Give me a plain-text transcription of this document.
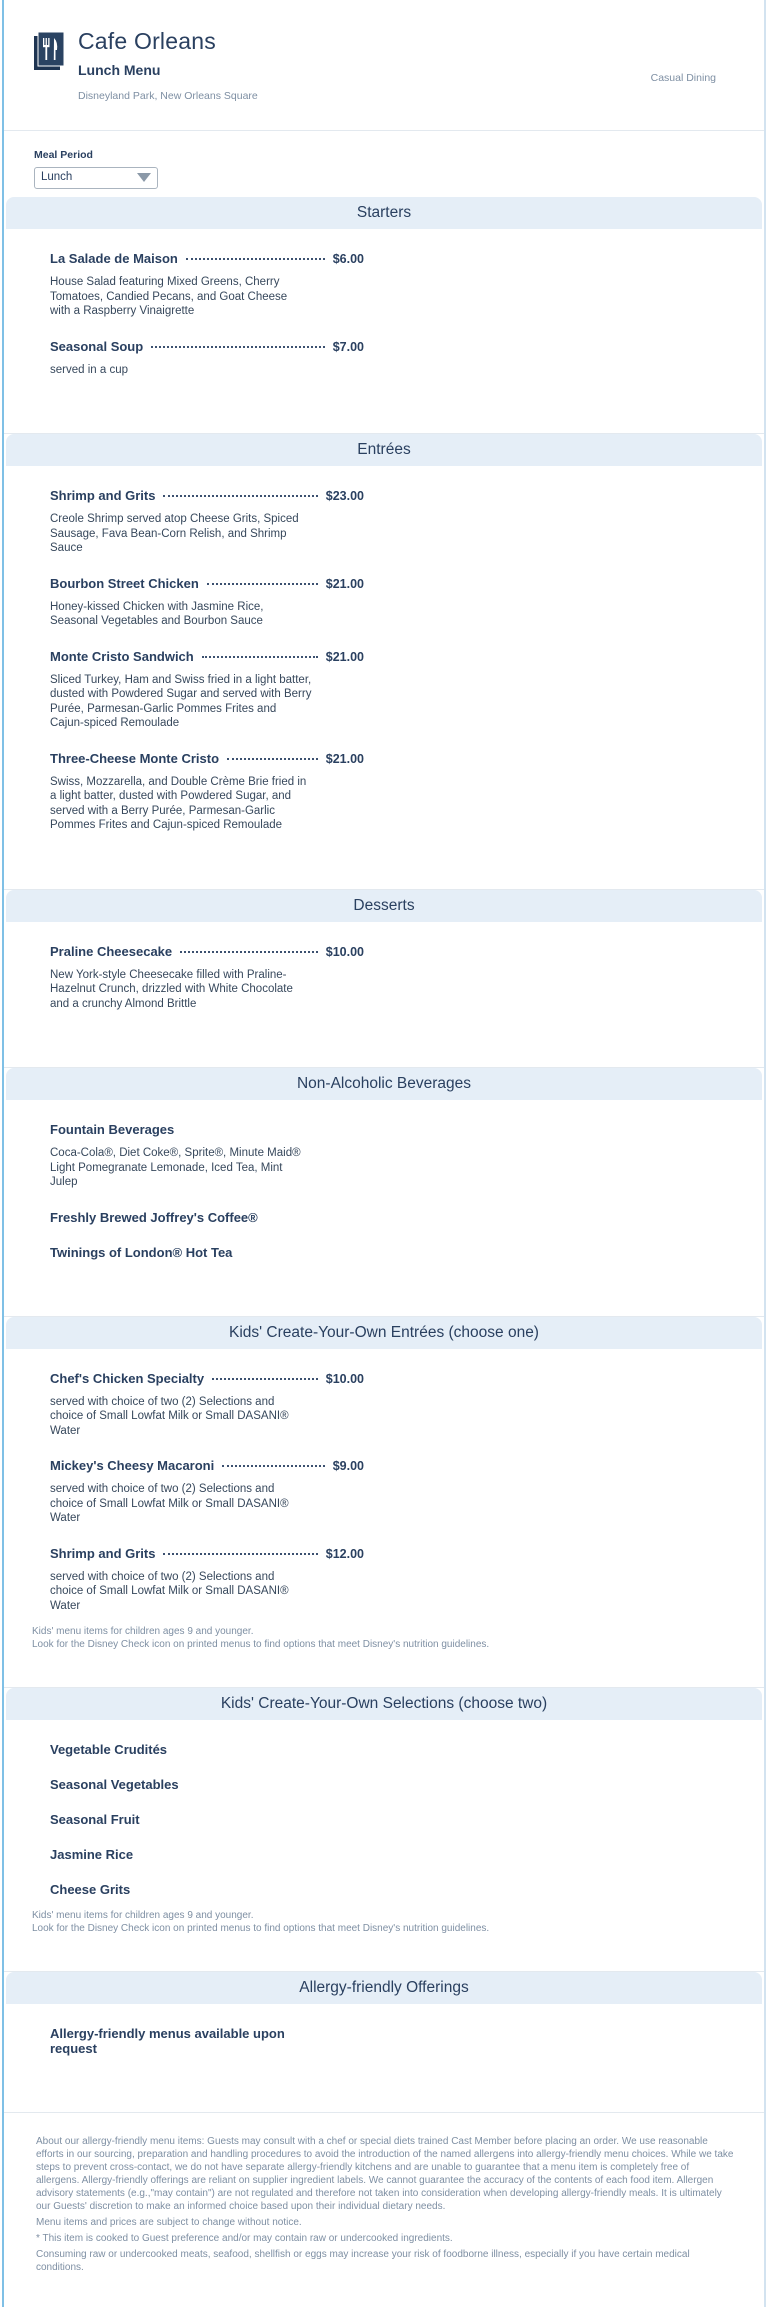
Cafe Orleans
Lunch Menu
Disneyland Park, New Orleans Square
Casual Dining
Meal Period
Lunch
Starters
La Salade de Maison	$6.00
House Salad featuring Mixed Greens, Cherry Tomatoes, Candied Pecans, and Goat Cheese with a Raspberry Vinaigrette
Seasonal Soup	$7.00
served in a cup
Entrées
Shrimp and Grits	$23.00
Creole Shrimp served atop Cheese Grits, Spiced Sausage, Fava Bean-Corn Relish, and Shrimp Sauce
Bourbon Street Chicken	$21.00
Honey-kissed Chicken with Jasmine Rice, Seasonal Vegetables and Bourbon Sauce
Monte Cristo Sandwich	$21.00
Sliced Turkey, Ham and Swiss fried in a light batter, dusted with Powdered Sugar and served with Berry Purée, Parmesan-Garlic Pommes Frites and Cajun-spiced Remoulade
Three-Cheese Monte Cristo	$21.00
Swiss, Mozzarella, and Double Crème Brie fried in a light batter, dusted with Powdered Sugar, and served with a Berry Purée, Parmesan-Garlic Pommes Frites and Cajun-spiced Remoulade
Desserts
Praline Cheesecake	$10.00
New York-style Cheesecake filled with Praline-Hazelnut Crunch, drizzled with White Chocolate and a crunchy Almond Brittle
Non-Alcoholic Beverages
Fountain Beverages
Coca-Cola®, Diet Coke®, Sprite®, Minute Maid® Light Pomegranate Lemonade, Iced Tea, Mint Julep
Freshly Brewed Joffrey's Coffee®
Twinings of London® Hot Tea
Kids' Create-Your-Own Entrées (choose one)
Chef's Chicken Specialty	$10.00
served with choice of two (2) Selections and choice of Small Lowfat Milk or Small DASANI® Water
Mickey's Cheesy Macaroni	$9.00
served with choice of two (2) Selections and choice of Small Lowfat Milk or Small DASANI® Water
Shrimp and Grits	$12.00
served with choice of two (2) Selections and choice of Small Lowfat Milk or Small DASANI® Water
Kids' menu items for children ages 9 and younger.
Look for the Disney Check icon on printed menus to find options that meet Disney's nutrition guidelines.
Kids' Create-Your-Own Selections (choose two)
Vegetable Crudités
Seasonal Vegetables
Seasonal Fruit
Jasmine Rice
Cheese Grits
Kids' menu items for children ages 9 and younger.
Look for the Disney Check icon on printed menus to find options that meet Disney's nutrition guidelines.
Allergy-friendly Offerings
Allergy-friendly menus available upon request

About our allergy-friendly menu items: Guests may consult with a chef or special diets trained Cast Member before placing an order. We use reasonable efforts in our sourcing, preparation and handling procedures to avoid the introduction of the named allergens into allergy-friendly menu choices. While we take steps to prevent cross-contact, we do not have separate allergy-friendly kitchens and are unable to guarantee that a menu item is completely free of allergens. Allergy-friendly offerings are reliant on supplier ingredient labels. We cannot guarantee the accuracy of the contents of each food item. Allergen advisory statements (e.g.,"may contain") are not regulated and therefore not taken into consideration when developing allergy-friendly meals. It is ultimately our Guests' discretion to make an informed choice based upon their individual dietary needs.

Menu items and prices are subject to change without notice.

* This item is cooked to Guest preference and/or may contain raw or undercooked ingredients.

Consuming raw or undercooked meats, seafood, shellfish or eggs may increase your risk of foodborne illness, especially if you have certain medical conditions.
